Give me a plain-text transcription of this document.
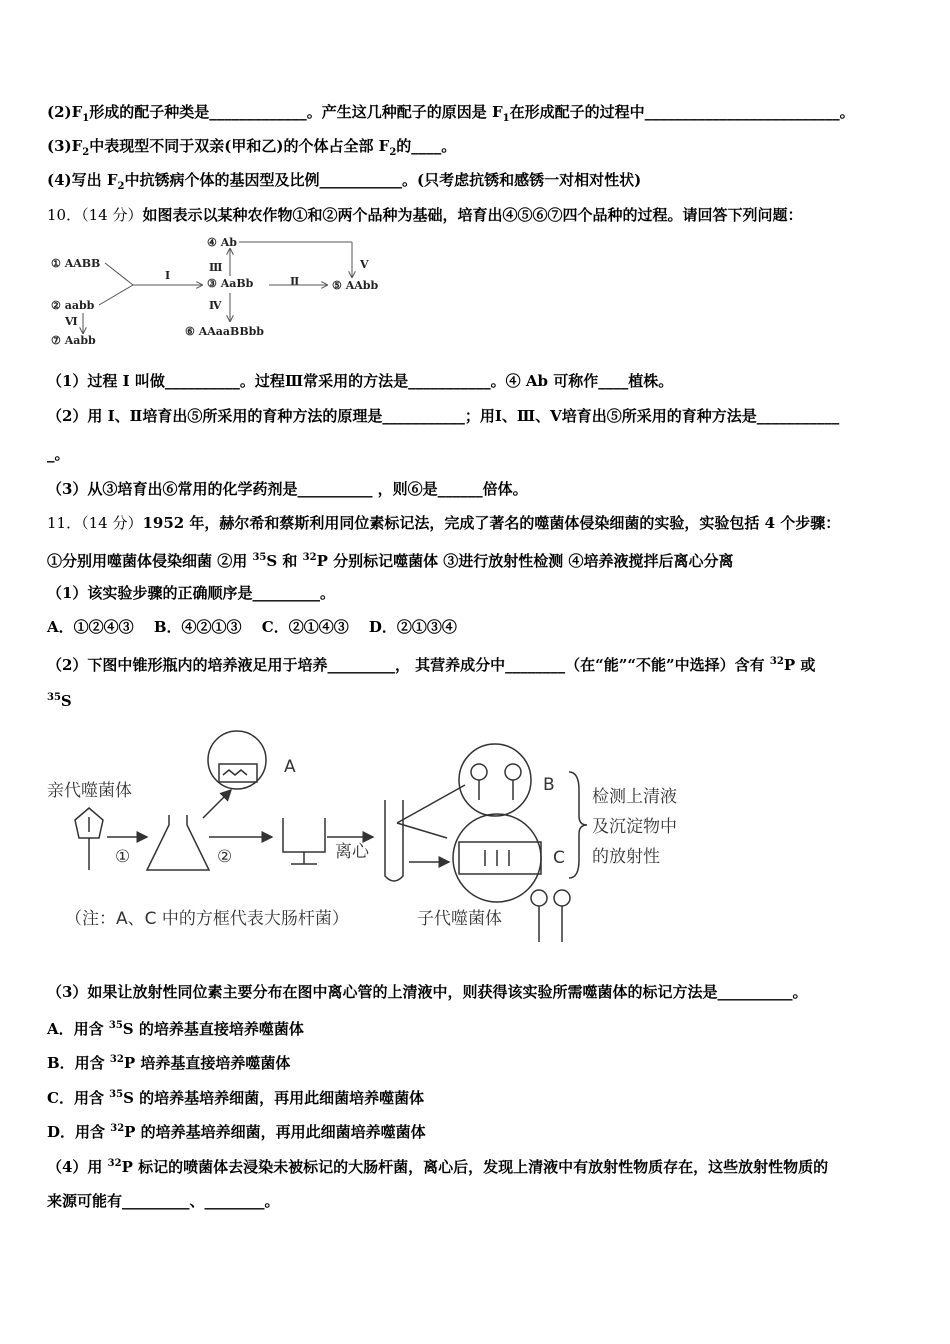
$(2)F_1$形成的配子种类是_____________。产生这几种配子的原因是 $F_1$在形成配子的过程中__________________________。
$(3)F_2$中表现型不同于双亲(甲和乙)的个体占全部 $F_2$的____。
(4)写出 $F_2$中抗锈病个体的基因型及比例___________。(只考虑抗锈和感锈一对相对性状)
10．（14 分）如图表示以某种农作物①和②两个品种为基础，培育出④⑤⑥⑦四个品种的过程。请回答下列问题：
① AABB
② aabb
③ AaBb
④ Ab
⑤ AAbb
⑥ AAaaBBbb
⑦ Aabb
I	Ⅱ
Ⅲ
Ⅳ
Ⅴ
Ⅵ
（1）过程 I 叫做__________。过程Ⅲ常采用的方法是___________。④ Ab 可称作____植株。
（2）用 I、Ⅱ培育出⑤所采用的育种方法的原理是___________；用Ⅰ、Ⅲ、Ⅴ培育出⑤所采用的育种方法是___________
_。
（3）从③培育出⑥常用的化学药剂是__________ ，则⑥是______倍体。
11．（14 分）1952 年，赫尔希和蔡斯利用同位素标记法，完成了著名的噬菌体侵染细菌的实验，实验包括 4 个步骤：
①分别用噬菌体侵染细菌 ②用 $^{35}$S 和 $^{32}$P 分别标记噬菌体 ③进行放射性检测 ④培养液搅拌后离心分离
（1）该实验步骤的正确顺序是_________。
A．①②④③　 B．④②①③　 C．②①④③　 D．②①③④
（2）下图中锥形瓶内的培养液足用于培养_________， 其营养成分中________（在“能”“不能”中选择）含有 $^{32}$P 或
$^{35}$S
亲代噬菌体
①	②	离心
A
B
C
检测上清液
及沉淀物中
的放射性
（注：A、C 中的方框代表大肠杆菌）	子代噬菌体
（3）如果让放射性同位素主要分布在图中离心管的上清液中，则获得该实验所需噬菌体的标记方法是__________。
A．用含 $^{35}$S 的培养基直接培养噬菌体
B．用含 $^{32}$P 培养基直接培养噬菌体
C．用含 $^{35}$S 的培养基培养细菌，再用此细菌培养噬菌体
D．用含 $^{32}$P 的培养基培养细菌，再用此细菌培养噬菌体
（4）用 $^{32}$P 标记的喷菌体去浸染未被标记的大肠杆菌，离心后，发现上清液中有放射性物质存在，这些放射性物质的
来源可能有_________、________。
